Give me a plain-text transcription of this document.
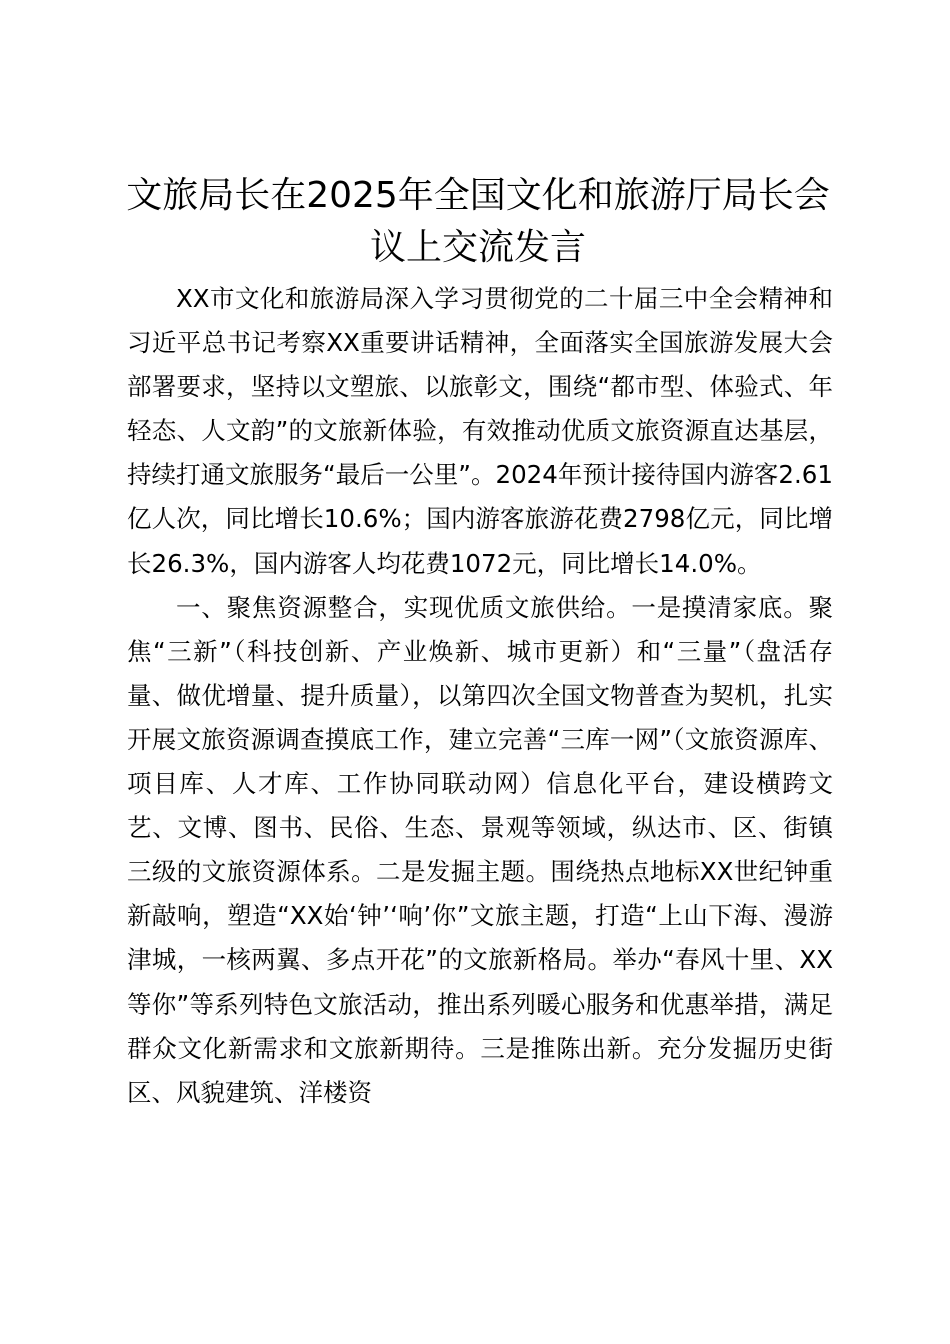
文旅局长在2025年全国文化和旅游厅局长会议上交流发言

XX市文化和旅游局深入学习贯彻党的二十届三中全会精神和习近平总书记考察XX重要讲话精神，全面落实全国旅游发展大会部署要求，坚持以文塑旅、以旅彰文，围绕“都市型、体验式、年轻态、人文韵”的文旅新体验，有效推动优质文旅资源直达基层，持续打通文旅服务“最后一公里”。2024年预计接待国内游客2.61亿人次，同比增长10.6%；国内游客旅游花费2798亿元，同比增长26.3%，国内游客人均花费1072元，同比增长14.0%。

一、聚焦资源整合，实现优质文旅供给。一是摸清家底。聚焦“三新”（科技创新、产业焕新、城市更新）和“三量”（盘活存量、做优增量、提升质量），以第四次全国文物普查为契机，扎实开展文旅资源调查摸底工作，建立完善“三库一网”（文旅资源库、项目库、人才库、工作协同联动网）信息化平台，建设横跨文艺、文博、图书、民俗、生态、景观等领域，纵达市、区、街镇三级的文旅资源体系。二是发掘主题。围绕热点地标XX世纪钟重新敲响，塑造“XX始‘钟’‘响’你”文旅主题，打造“上山下海、漫游津城，一核两翼、多点开花”的文旅新格局。举办“春风十里、XX等你”等系列特色文旅活动，推出系列暖心服务和优惠举措，满足群众文化新需求和文旅新期待。三是推陈出新。充分发掘历史街区、风貌建筑、洋楼资
